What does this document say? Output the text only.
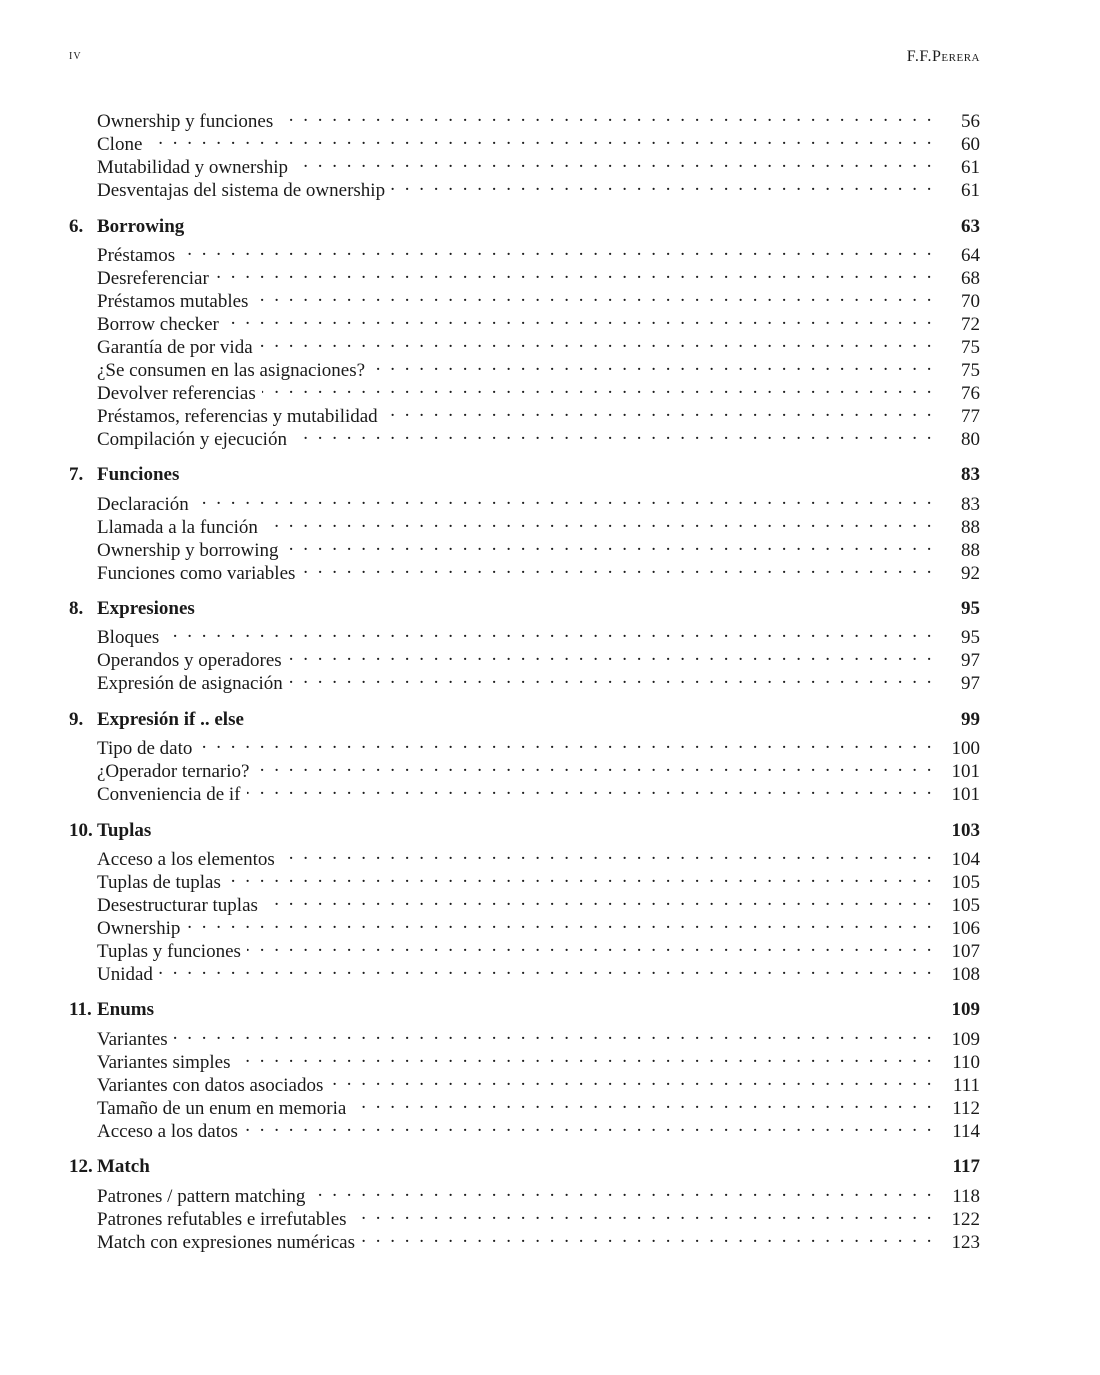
iv	F.F.Perera
Ownership y funciones . . .	56
Clone . . .	60
Mutabilidad y ownership . . .	61
Desventajas del sistema de ownership . . .	61
6. Borrowing	63
Préstamos . . .	64
Desreferenciar . . .	68
Préstamos mutables . . .	70
Borrow checker . . .	72
Garantía de por vida . . .	75
¿Se consumen en las asignaciones? . . .	75
Devolver referencias . . .	76
Préstamos, referencias y mutabilidad . . .	77
Compilación y ejecución . . .	80
7. Funciones	83
Declaración . . .	83
Llamada a la función . . .	88
Ownership y borrowing . . .	88
Funciones como variables . . .	92
8. Expresiones	95
Bloques . . .	95
Operandos y operadores . . .	97
Expresión de asignación . . .	97
9. Expresión if .. else	99
Tipo de dato . . .	100
¿Operador ternario? . . .	101
Conveniencia de if . . .	101
10. Tuplas	103
Acceso a los elementos . . .	104
Tuplas de tuplas . . .	105
Desestructurar tuplas . . .	105
Ownership . . .	106
Tuplas y funciones . . .	107
Unidad . . .	108
11. Enums	109
Variantes . . .	109
Variantes simples . . .	110
Variantes con datos asociados . . .	111
Tamaño de un enum en memoria . . .	112
Acceso a los datos . . .	114
12. Match	117
Patrones / pattern matching . . .	118
Patrones refutables e irrefutables . . .	122
Match con expresiones numéricas . . .	123
